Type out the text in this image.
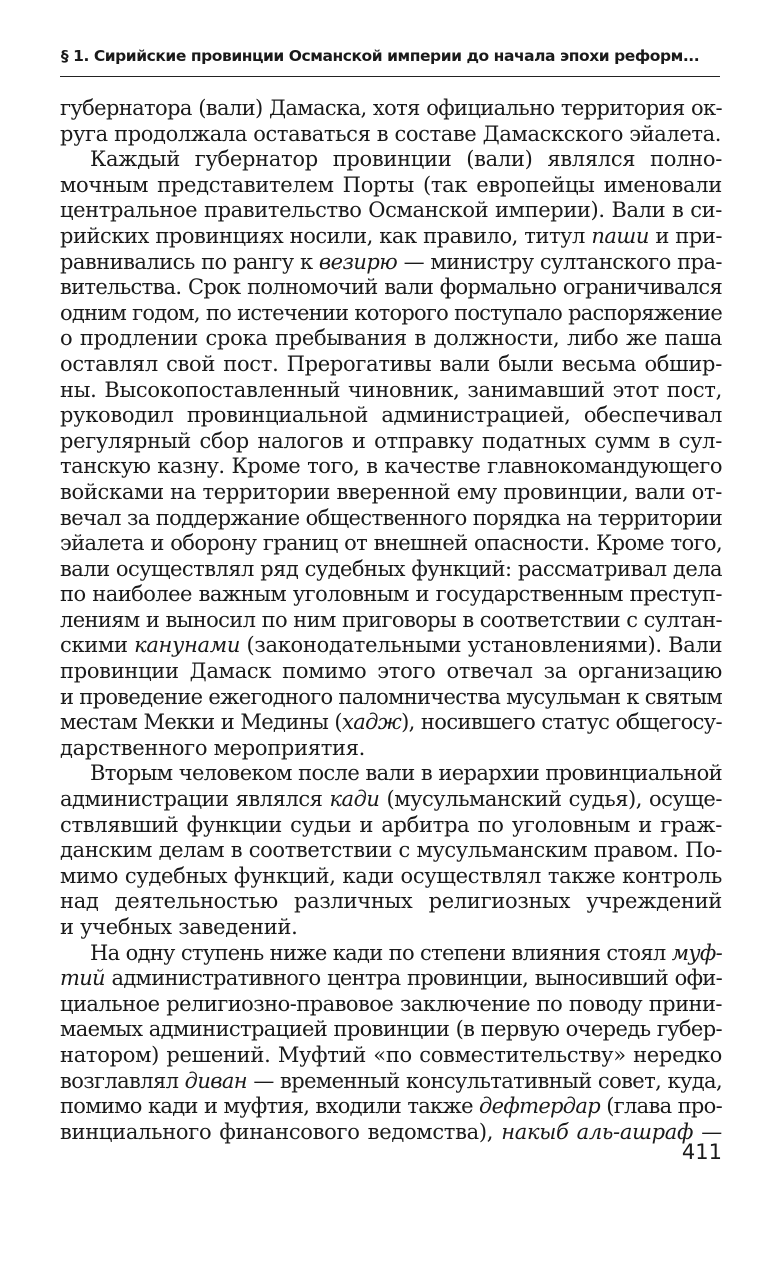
§ 1. Сирийские провинции Османской империи до начала эпохи реформ...
губернатора (вали) Дамаска, хотя официально территория ок-
руга продолжала оставаться в составе Дамаскского эйалета.
Каждый губернатор провинции (вали) являлся полно-
мочным представителем Порты (так европейцы именовали
центральное правительство Османской империи). Вали в си-
рийских провинциях носили, как правило, титул паши и при-
равнивались по рангу к везирю — министру султанского пра-
вительства. Срок полномочий вали формально ограничивался
одним годом, по истечении которого поступало распоряжение
о продлении срока пребывания в должности, либо же паша
оставлял свой пост. Прерогативы вали были весьма обшир-
ны. Высокопоставленный чиновник, занимавший этот пост,
руководил провинциальной администрацией, обеспечивал
регулярный сбор налогов и отправку податных сумм в сул-
танскую казну. Кроме того, в качестве главнокомандующего
войсками на территории вверенной ему провинции, вали от-
вечал за поддержание общественного порядка на территории
эйалета и оборону границ от внешней опасности. Кроме того,
вали осуществлял ряд судебных функций: рассматривал дела
по наиболее важным уголовным и государственным преступ-
лениям и выносил по ним приговоры в соответствии с султан-
скими канунами (законодательными установлениями). Вали
провинции Дамаск помимо этого отвечал за организацию
и проведение ежегодного паломничества мусульман к святым
местам Мекки и Медины (хадж), носившего статус общегосу-
дарственного мероприятия.
Вторым человеком после вали в иерархии провинциальной
администрации являлся кади (мусульманский судья), осуще-
ствлявший функции судьи и арбитра по уголовным и граж-
данским делам в соответствии с мусульманским правом. По-
мимо судебных функций, кади осуществлял также контроль
над деятельностью различных религиозных учреждений
и учебных заведений.
На одну ступень ниже кади по степени влияния стоял муф-
тий административного центра провинции, выносивший офи-
циальное религиозно-правовое заключение по поводу прини-
маемых администрацией провинции (в первую очередь губер-
натором) решений. Муфтий «по совместительству» нередко
возглавлял диван — временный консультативный совет, куда,
помимо кади и муфтия, входили также дефтердар (глава про-
винциального финансового ведомства), накыб аль-ашраф —
411
